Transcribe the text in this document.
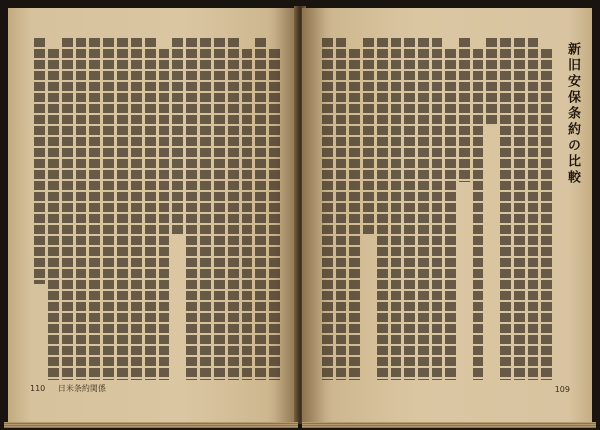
110 日米条約関係
新旧安保条約の比較
109
